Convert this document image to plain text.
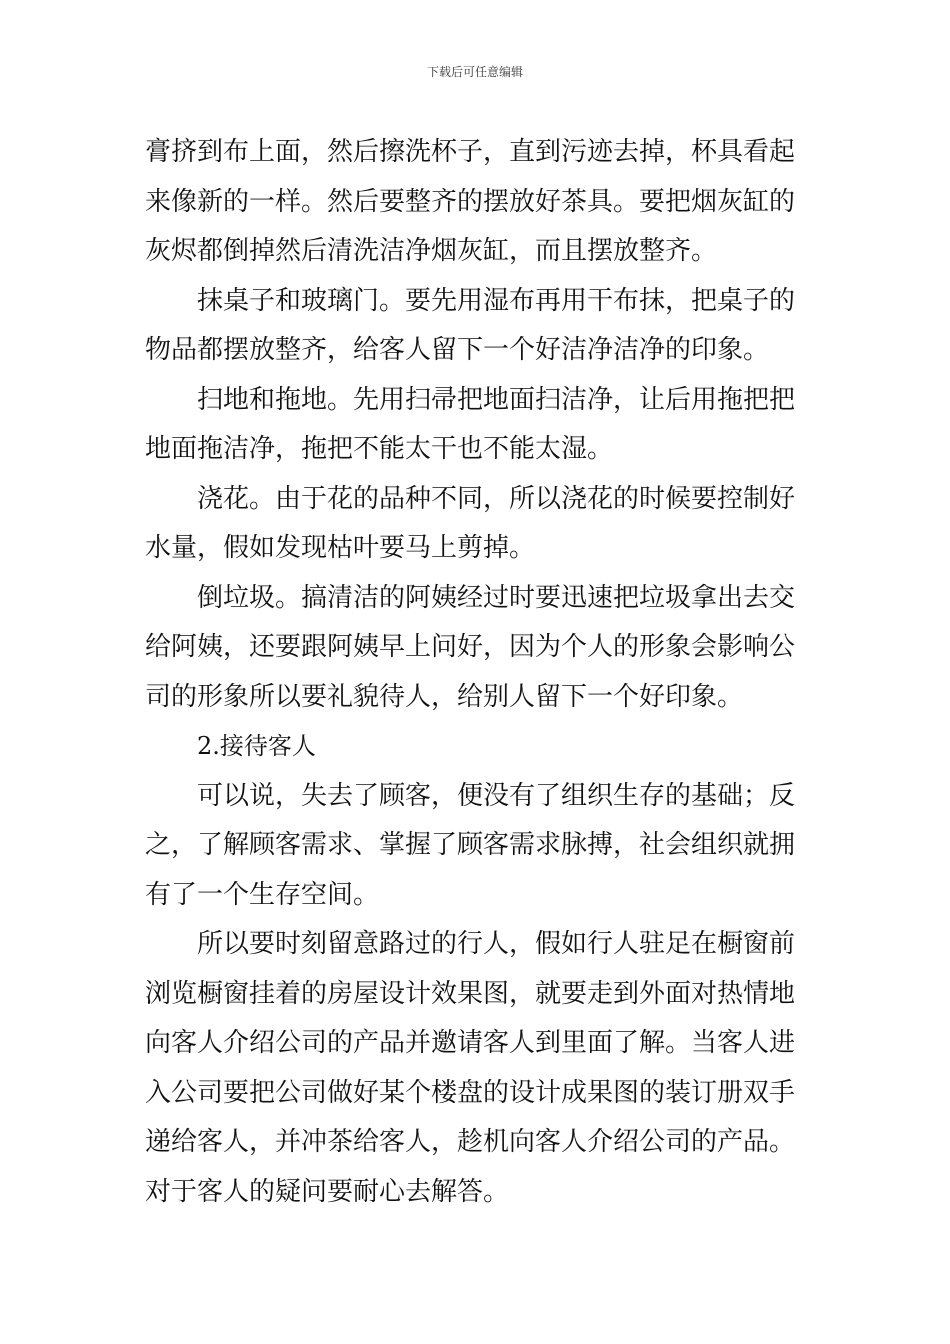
下载后可任意编辑
膏挤到布上面，然后擦洗杯子，直到污迹去掉，杯具看起
来像新的一样。然后要整齐的摆放好茶具。要把烟灰缸的
灰烬都倒掉然后清洗洁净烟灰缸，而且摆放整齐。
抹桌子和玻璃门。要先用湿布再用干布抹，把桌子的
物品都摆放整齐，给客人留下一个好洁净洁净的印象。
扫地和拖地。先用扫帚把地面扫洁净，让后用拖把把
地面拖洁净，拖把不能太干也不能太湿。
浇花。由于花的品种不同，所以浇花的时候要控制好
水量，假如发现枯叶要马上剪掉。
倒垃圾。搞清洁的阿姨经过时要迅速把垃圾拿出去交
给阿姨，还要跟阿姨早上问好，因为个人的形象会影响公
司的形象所以要礼貌待人，给别人留下一个好印象。
2.接待客人
可以说，失去了顾客，便没有了组织生存的基础；反
之，了解顾客需求、掌握了顾客需求脉搏，社会组织就拥
有了一个生存空间。
所以要时刻留意路过的行人，假如行人驻足在橱窗前
浏览橱窗挂着的房屋设计效果图，就要走到外面对热情地
向客人介绍公司的产品并邀请客人到里面了解。当客人进
入公司要把公司做好某个楼盘的设计成果图的装订册双手
递给客人，并冲茶给客人，趁机向客人介绍公司的产品。
对于客人的疑问要耐心去解答。
